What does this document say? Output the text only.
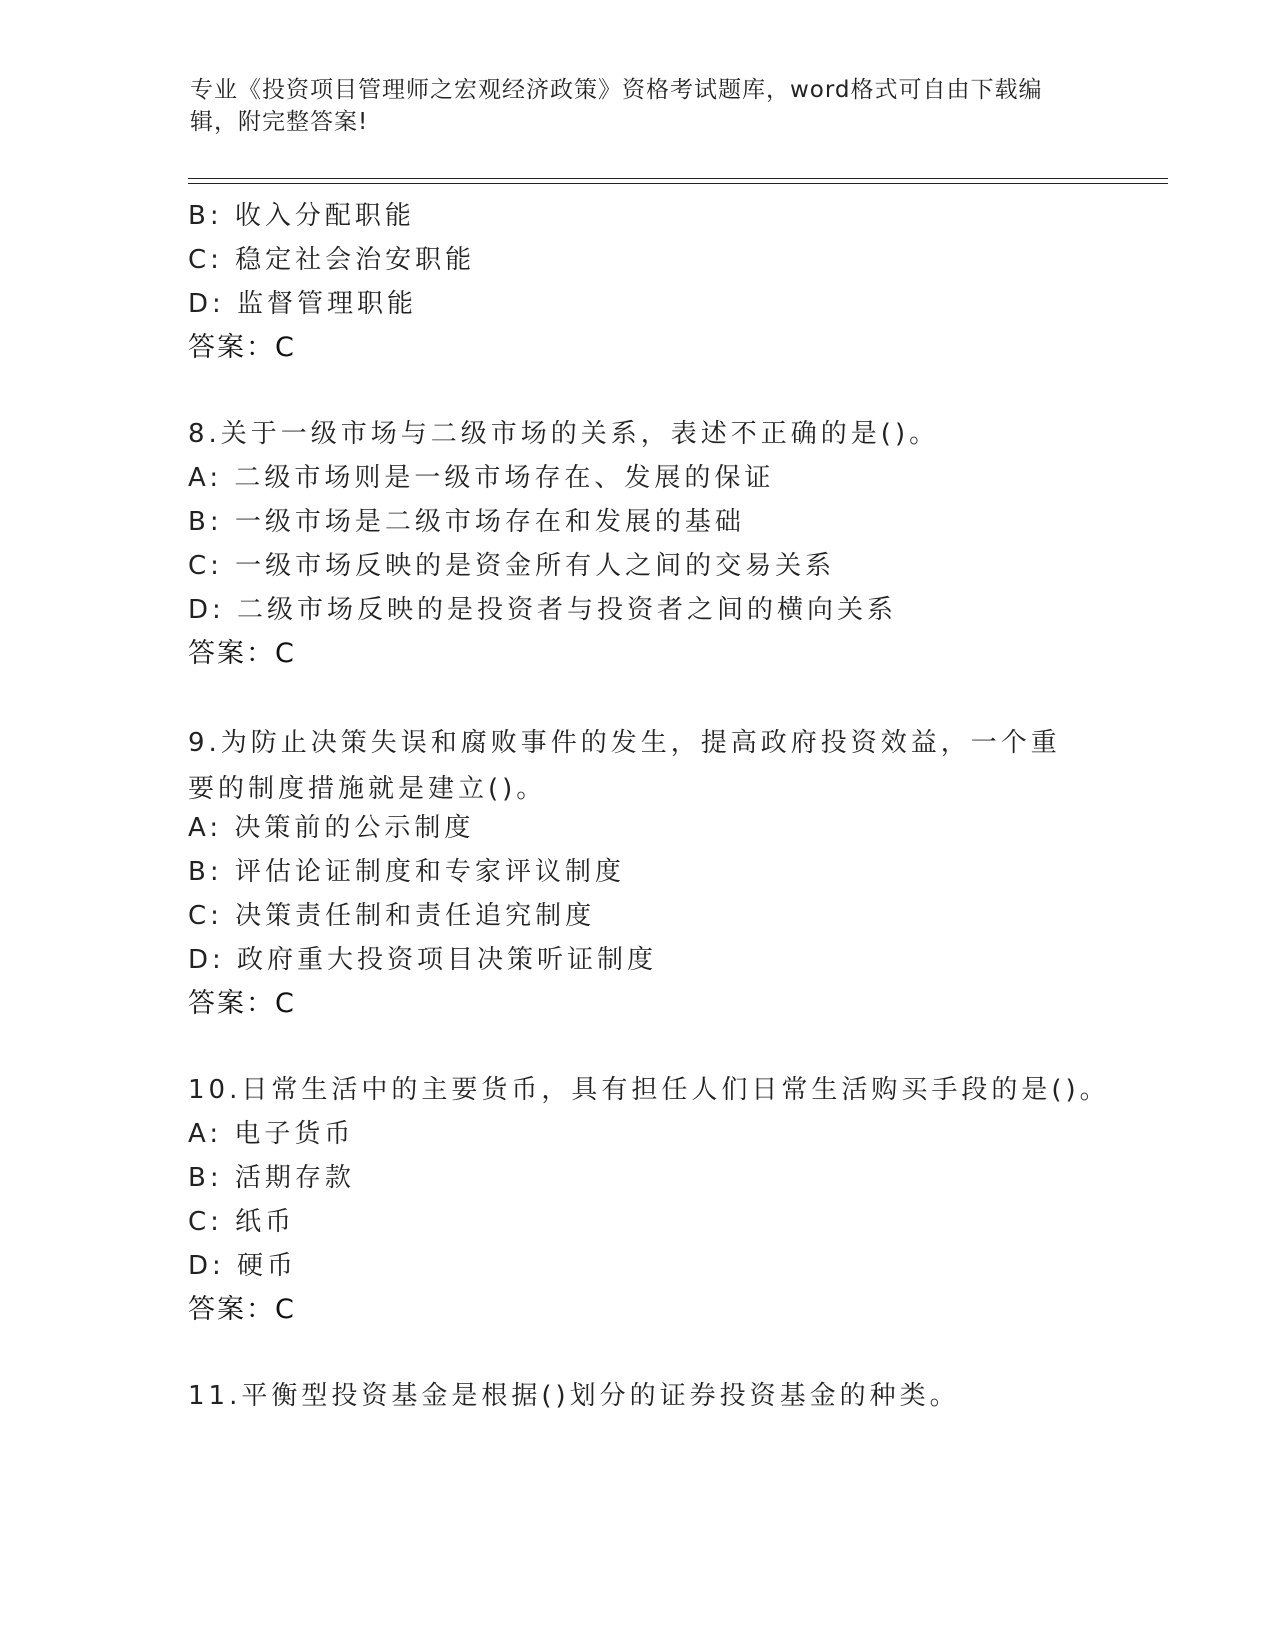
专业《投资项目管理师之宏观经济政策》资格考试题库，word格式可自由下载编辑，附完整答案!
B: 收入分配职能
C: 稳定社会治安职能
D: 监督管理职能
答案：C
8.关于一级市场与二级市场的关系，表述不正确的是()。
A: 二级市场则是一级市场存在、发展的保证
B: 一级市场是二级市场存在和发展的基础
C: 一级市场反映的是资金所有人之间的交易关系
D: 二级市场反映的是投资者与投资者之间的横向关系
答案：C
9.为防止决策失误和腐败事件的发生，提高政府投资效益，一个重要的制度措施就是建立()。
A: 决策前的公示制度
B: 评估论证制度和专家评议制度
C: 决策责任制和责任追究制度
D: 政府重大投资项目决策听证制度
答案：C
10.日常生活中的主要货币，具有担任人们日常生活购买手段的是()。
A: 电子货币
B: 活期存款
C: 纸币
D: 硬币
答案：C
11.平衡型投资基金是根据()划分的证券投资基金的种类。
